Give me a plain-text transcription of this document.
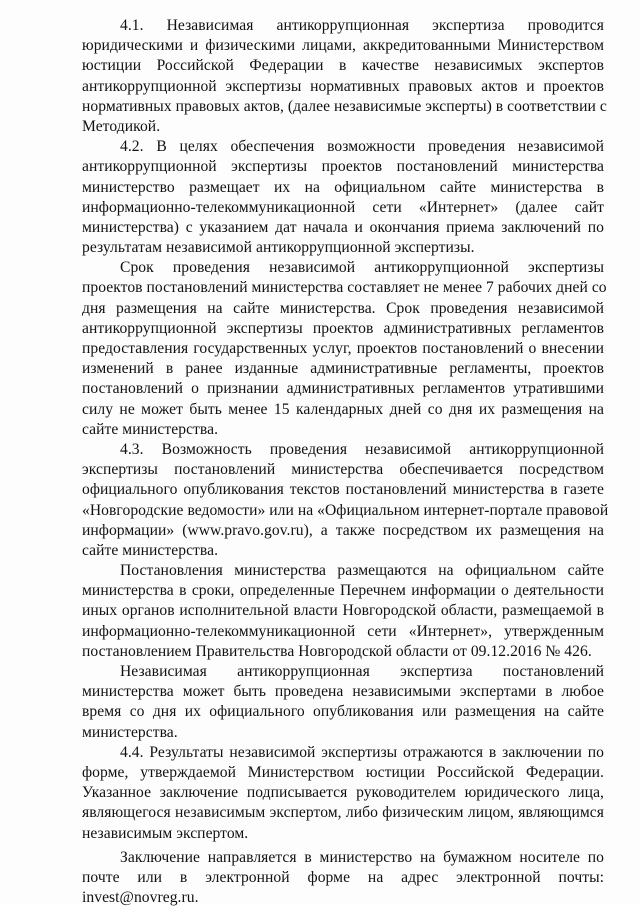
4.1. Независимая антикоррупционная экспертиза проводится
юридическими и физическими лицами, аккредитованными Министерством
юстиции Российской Федерации в качестве независимых экспертов
антикоррупционной экспертизы нормативных правовых актов и проектов
нормативных правовых актов, (далее независимые эксперты) в соответствии с
Методикой.
4.2. В целях обеспечения возможности проведения независимой
антикоррупционной экспертизы проектов постановлений министерства
министерство размещает их на официальном сайте министерства в
информационно-телекоммуникационной сети «Интернет» (далее сайт
министерства) с указанием дат начала и окончания приема заключений по
результатам независимой антикоррупционной экспертизы.
Срок проведения независимой антикоррупционной экспертизы
проектов постановлений министерства составляет не менее 7 рабочих дней со
дня размещения на сайте министерства. Срок проведения независимой
антикоррупционной экспертизы проектов административных регламентов
предоставления государственных услуг, проектов постановлений о внесении
изменений в ранее изданные административные регламенты, проектов
постановлений о признании административных регламентов утратившими
силу не может быть менее 15 календарных дней со дня их размещения на
сайте министерства.
4.3. Возможность проведения независимой антикоррупционной
экспертизы постановлений министерства обеспечивается посредством
официального опубликования текстов постановлений министерства в газете
«Новгородские ведомости» или на «Официальном интернет-портале правовой
информации» (www.pravo.gov.ru), а также посредством их размещения на
сайте министерства.
Постановления министерства размещаются на официальном сайте
министерства в сроки, определенные Перечнем информации о деятельности
иных органов исполнительной власти Новгородской области, размещаемой в
информационно-телекоммуникационной сети «Интернет», утвержденным
постановлением Правительства Новгородской области от 09.12.2016 № 426.
Независимая антикоррупционная экспертиза постановлений
министерства может быть проведена независимыми экспертами в любое
время со дня их официального опубликования или размещения на сайте
министерства.
4.4. Результаты независимой экспертизы отражаются в заключении по
форме, утверждаемой Министерством юстиции Российской Федерации.
Указанное заключение подписывается руководителем юридического лица,
являющегося независимым экспертом, либо физическим лицом, являющимся
независимым экспертом.
Заключение направляется в министерство на бумажном носителе по
почте или в электронной форме на адрес электронной почты:
invest@novreg.ru.
